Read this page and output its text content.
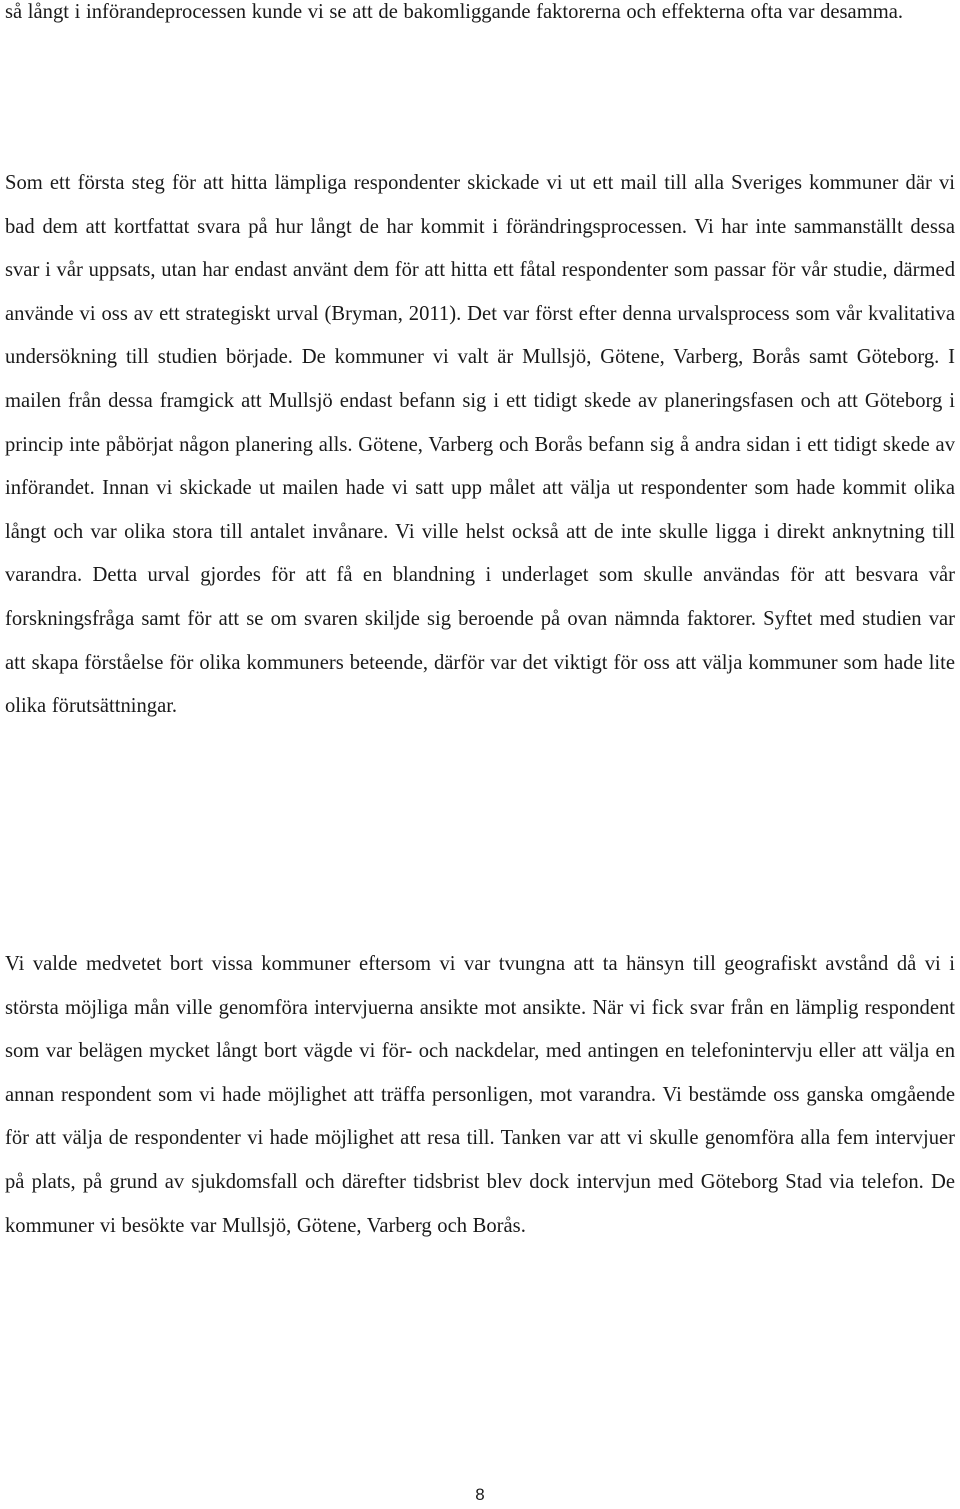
så långt i införandeprocessen kunde vi se att de bakomliggande faktorerna och effekterna ofta var desamma.

Som ett första steg för att hitta lämpliga respondenter skickade vi ut ett mail till alla Sveriges kommuner där vi bad dem att kortfattat svara på hur långt de har kommit i förändringsprocessen. Vi har inte sammanställt dessa svar i vår uppsats, utan har endast använt dem för att hitta ett fåtal respondenter som passar för vår studie, därmed använde vi oss av ett strategiskt urval (Bryman, 2011). Det var först efter denna urvalsprocess som vår kvalitativa undersökning till studien började. De kommuner vi valt är Mullsjö, Götene, Varberg, Borås samt Göteborg. I mailen från dessa framgick att Mullsjö endast befann sig i ett tidigt skede av planeringsfasen och att Göteborg i princip inte påbörjat någon planering alls. Götene, Varberg och Borås befann sig å andra sidan i ett tidigt skede av införandet. Innan vi skickade ut mailen hade vi satt upp målet att välja ut respondenter som hade kommit olika långt och var olika stora till antalet invånare. Vi ville helst också att de inte skulle ligga i direkt anknytning till varandra. Detta urval gjordes för att få en blandning i underlaget som skulle användas för att besvara vår forskningsfråga samt för att se om svaren skiljde sig beroende på ovan nämnda faktorer. Syftet med studien var att skapa förståelse för olika kommuners beteende, därför var det viktigt för oss att välja kommuner som hade lite olika förutsättningar.

Vi valde medvetet bort vissa kommuner eftersom vi var tvungna att ta hänsyn till geografiskt avstånd då vi i största möjliga mån ville genomföra intervjuerna ansikte mot ansikte. När vi fick svar från en lämplig respondent som var belägen mycket långt bort vägde vi för- och nackdelar, med antingen en telefonintervju eller att välja en annan respondent som vi hade möjlighet att träffa personligen, mot varandra. Vi bestämde oss ganska omgående för att välja de respondenter vi hade möjlighet att resa till. Tanken var att vi skulle genomföra alla fem intervjuer på plats, på grund av sjukdomsfall och därefter tidsbrist blev dock intervjun med Göteborg Stad via telefon. De kommuner vi besökte var Mullsjö, Götene, Varberg och Borås.

8
